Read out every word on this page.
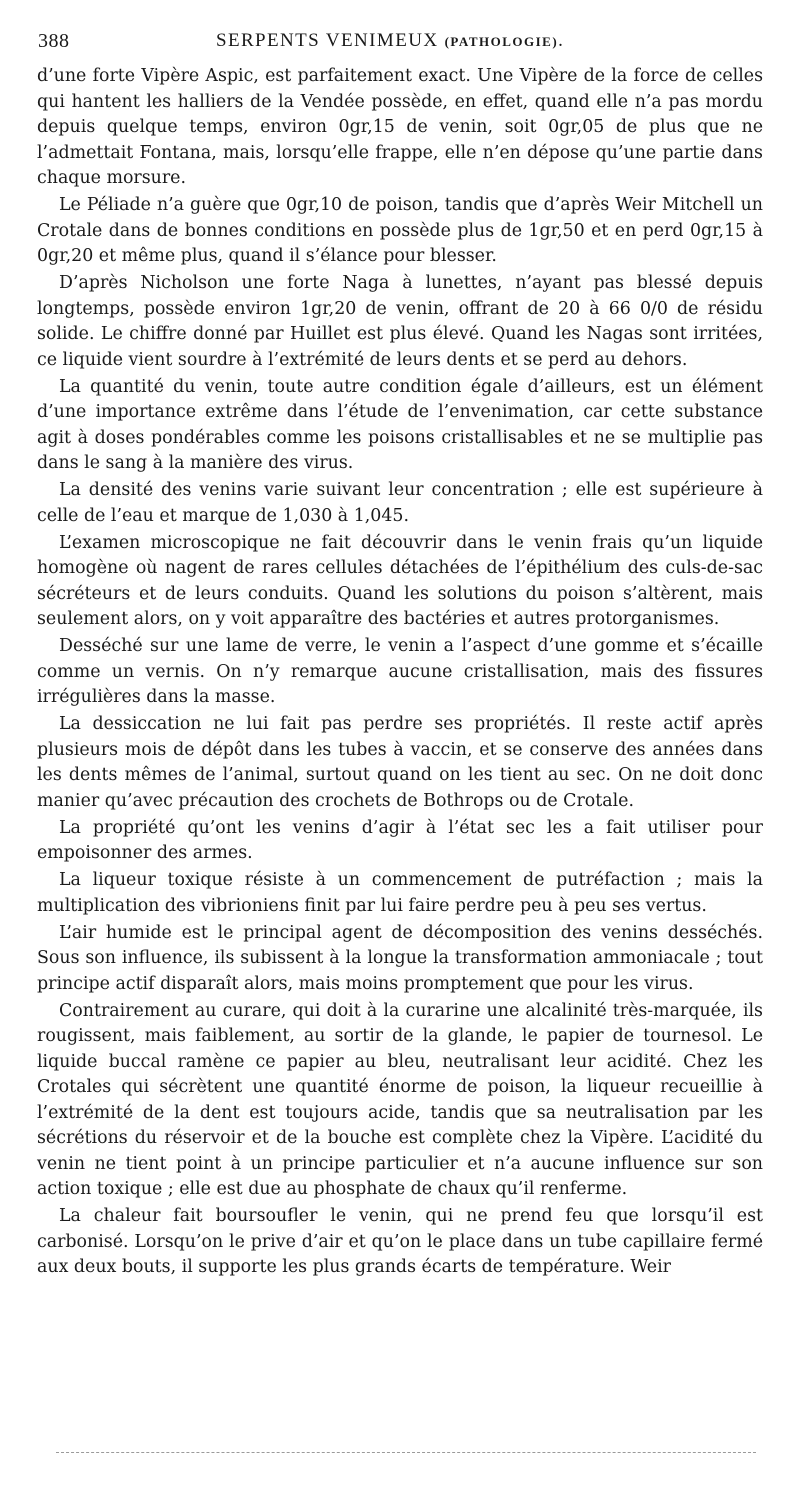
388	SERPENTS VENIMEUX (PATHOLOGIE).

d’une forte Vipère Aspic, est parfaitement exact. Une Vipère de la force de celles qui hantent les halliers de la Vendée possède, en effet, quand elle n’a pas mordu depuis quelque temps, environ 0gr,15 de venin, soit 0gr,05 de plus que ne l’admettait Fontana, mais, lorsqu’elle frappe, elle n’en dépose qu’une partie dans chaque morsure.

Le Péliade n’a guère que 0gr,10 de poison, tandis que d’après Weir Mitchell un Crotale dans de bonnes conditions en possède plus de 1gr,50 et en perd 0gr,15 à 0gr,20 et même plus, quand il s’élance pour blesser.

D’après Nicholson une forte Naga à lunettes, n’ayant pas blessé depuis longtemps, possède environ 1gr,20 de venin, offrant de 20 à 66 0/0 de résidu solide. Le chiffre donné par Huillet est plus élevé. Quand les Nagas sont irritées, ce liquide vient sourdre à l’extrémité de leurs dents et se perd au dehors.

La quantité du venin, toute autre condition égale d’ailleurs, est un élément d’une importance extrême dans l’étude de l’envenimation, car cette substance agit à doses pondérables comme les poisons cristallisables et ne se multiplie pas dans le sang à la manière des virus.

La densité des venins varie suivant leur concentration ; elle est supérieure à celle de l’eau et marque de 1,030 à 1,045.

L’examen microscopique ne fait découvrir dans le venin frais qu’un liquide homogène où nagent de rares cellules détachées de l’épithélium des culs-de-sac sécréteurs et de leurs conduits. Quand les solutions du poison s’altèrent, mais seulement alors, on y voit apparaître des bactéries et autres protorganismes.

Desséché sur une lame de verre, le venin a l’aspect d’une gomme et s’écaille comme un vernis. On n’y remarque aucune cristallisation, mais des fissures irrégulières dans la masse.

La dessiccation ne lui fait pas perdre ses propriétés. Il reste actif après plusieurs mois de dépôt dans les tubes à vaccin, et se conserve des années dans les dents mêmes de l’animal, surtout quand on les tient au sec. On ne doit donc manier qu’avec précaution des crochets de Bothrops ou de Crotale.

La propriété qu’ont les venins d’agir à l’état sec les a fait utiliser pour empoisonner des armes.

La liqueur toxique résiste à un commencement de putréfaction ; mais la multiplication des vibrioniens finit par lui faire perdre peu à peu ses vertus.

L’air humide est le principal agent de décomposition des venins desséchés. Sous son influence, ils subissent à la longue la transformation ammoniacale ; tout principe actif disparaît alors, mais moins promptement que pour les virus.

Contrairement au curare, qui doit à la curarine une alcalinité très-marquée, ils rougissent, mais faiblement, au sortir de la glande, le papier de tournesol. Le liquide buccal ramène ce papier au bleu, neutralisant leur acidité. Chez les Crotales qui sécrètent une quantité énorme de poison, la liqueur recueillie à l’extrémité de la dent est toujours acide, tandis que sa neutralisation par les sécrétions du réservoir et de la bouche est complète chez la Vipère. L’acidité du venin ne tient point à un principe particulier et n’a aucune influence sur son action toxique ; elle est due au phosphate de chaux qu’il renferme.

La chaleur fait boursoufler le venin, qui ne prend feu que lorsqu’il est carbonisé. Lorsqu’on le prive d’air et qu’on le place dans un tube capillaire fermé aux deux bouts, il supporte les plus grands écarts de température. Weir
